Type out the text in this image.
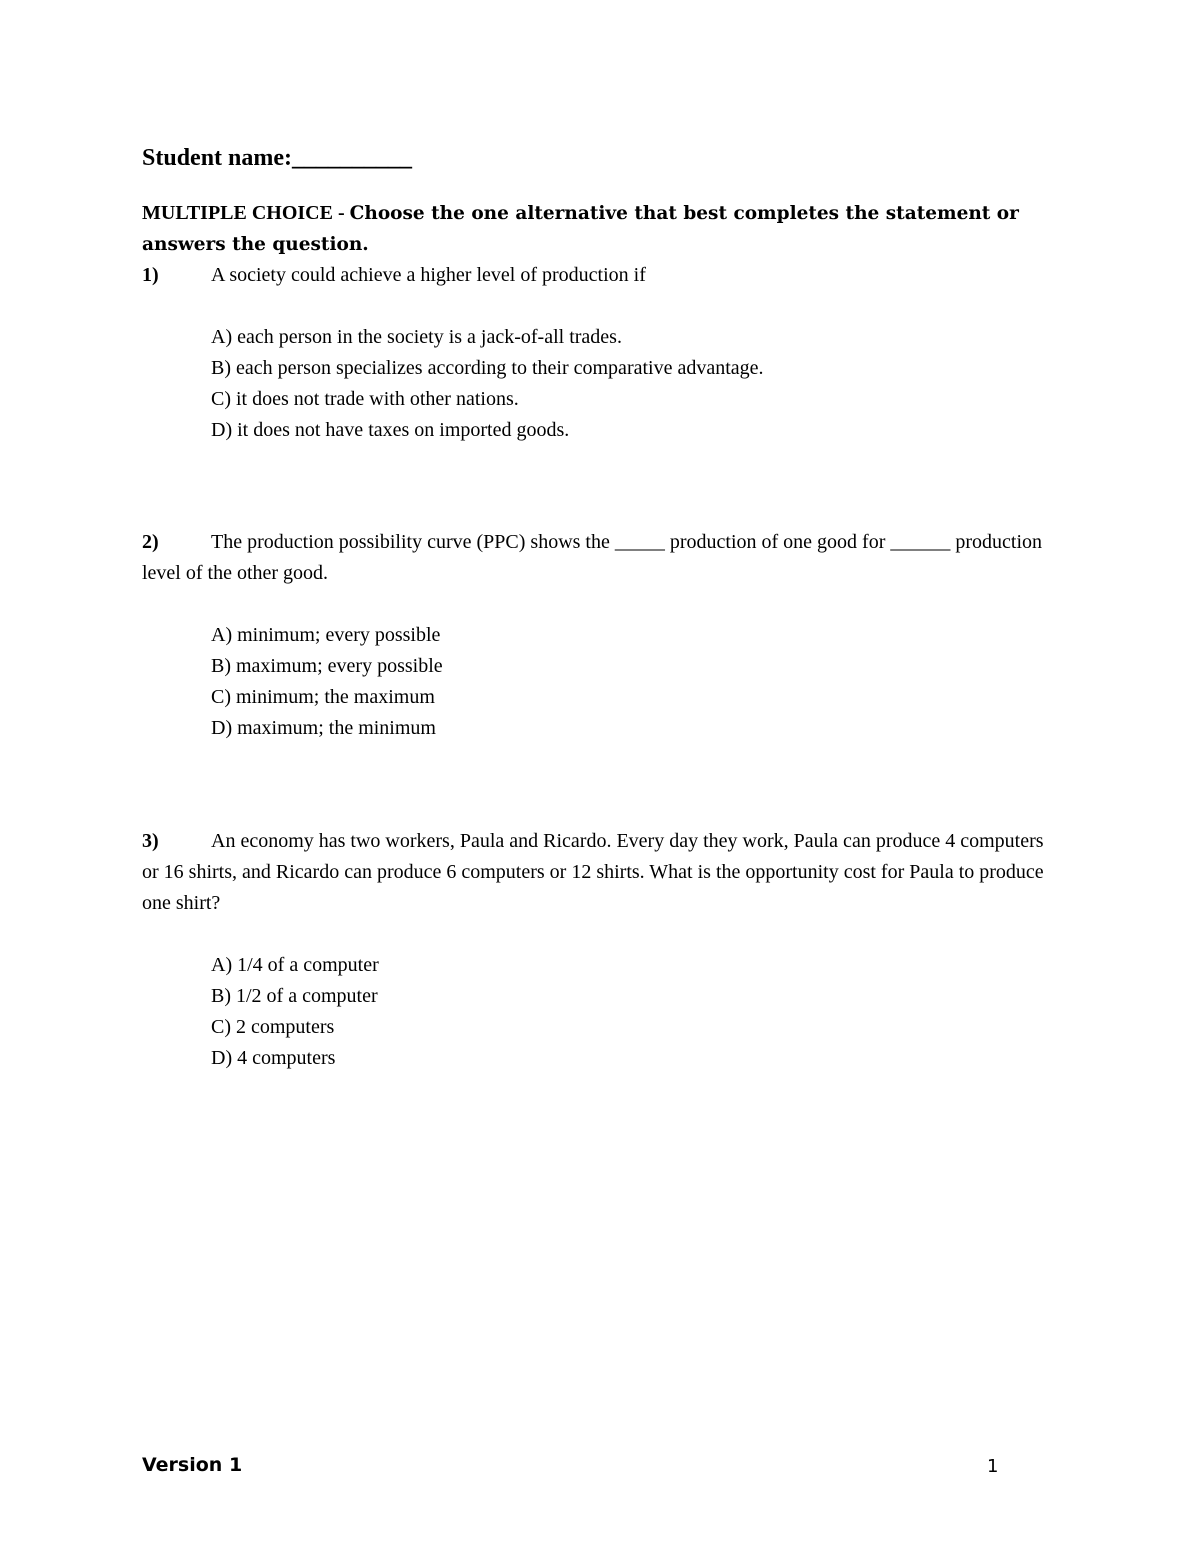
Student name:__________
MULTIPLE CHOICE - Choose the one alternative that best completes the statement or answers the question.

1)	A society could achieve a higher level of production if

A) each person in the society is a jack-of-all trades.
B) each person specializes according to their comparative advantage.
C) it does not trade with other nations.
D) it does not have taxes on imported goods.

2)	The production possibility curve (PPC) shows the _____ production of one good for ______ production level of the other good.

A) minimum; every possible
B) maximum; every possible
C) minimum; the maximum
D) maximum; the minimum

3)	An economy has two workers, Paula and Ricardo. Every day they work, Paula can produce 4 computers or 16 shirts, and Ricardo can produce 6 computers or 12 shirts. What is the opportunity cost for Paula to produce one shirt?

A) 1/4 of a computer
B) 1/2 of a computer
C) 2 computers
D) 4 computers
Version 1	1
